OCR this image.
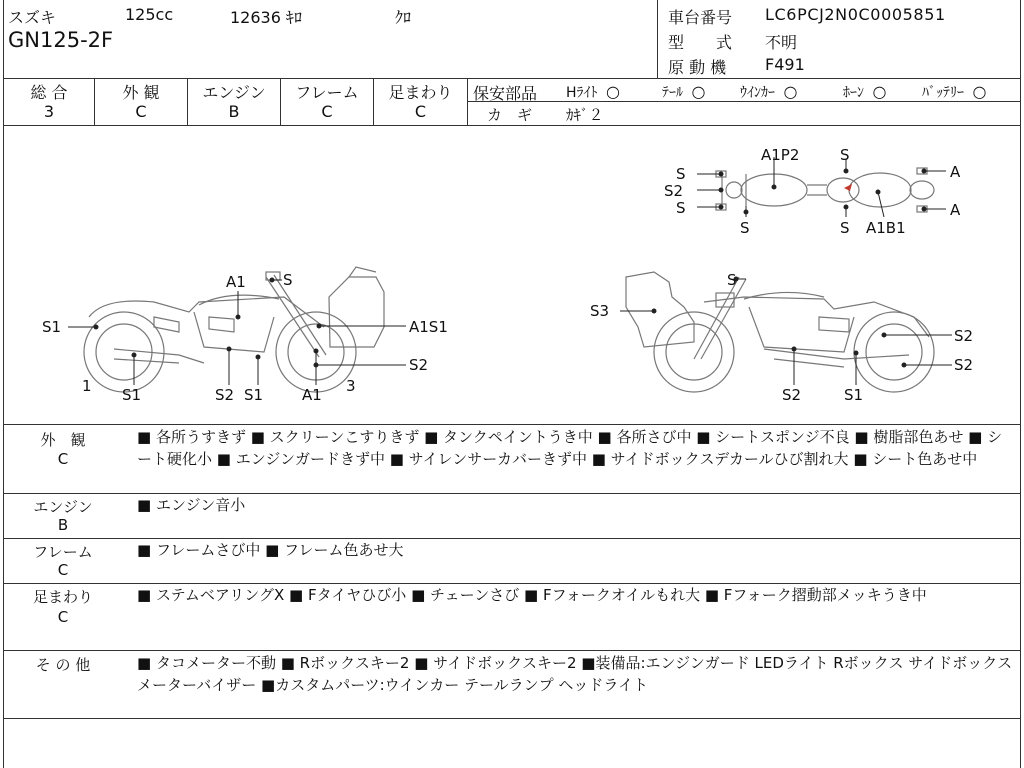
スズキ	125cc	12636 ｷﾛ	ｸﾛ
GN125-2F
車台番号 LC6PCJ2N0C0005851
型　　式 不明
原 動 機 F491
総 合
3
外 観
C
エンジン
B
フレーム
C
足まわり
C
保安部品 Hﾗｲﾄ ○	ﾃｰﾙ ○ ｳｲﾝｶｰ ○	ﾎｰﾝ ○	ﾊﾞｯﾃﾘｰ ○
カ　ギ ｶｷﾞ２
S
S2
S
A1P2	S
A
A
S	S A1B1
A1 S
S1	A1S1
S2
1 S1	S2 S1	A1 3
S
S3
S2
S2
S2	S1
外　観
C
■ 各所うすきず ■ スクリーンこすりきず ■ タンクペイントうき中 ■ 各所さび中 ■ シートスポンジ不良 ■ 樹脂部色あせ ■ シート硬化小 ■ エンジンガードきず中 ■ サイレンサーカバーきず中 ■ サイドボックスデカールひび割れ大 ■ シート色あせ中
エンジン
B
■ エンジン音小
フレーム
C
■ フレームさび中 ■ フレーム色あせ大
足まわり
C
■ ステムベアリングX ■ Fタイヤひび小 ■ チェーンさび ■ Fフォークオイルもれ大 ■ Fフォーク摺動部メッキうき中
そ の 他	■ タコメーター不動 ■ Rボックスキー2 ■ サイドボックスキー2 ■装備品:エンジンガード LEDライト Rボックス サイドボックス メーターバイザー ■カスタムパーツ:ウインカー テールランプ ヘッドライト
